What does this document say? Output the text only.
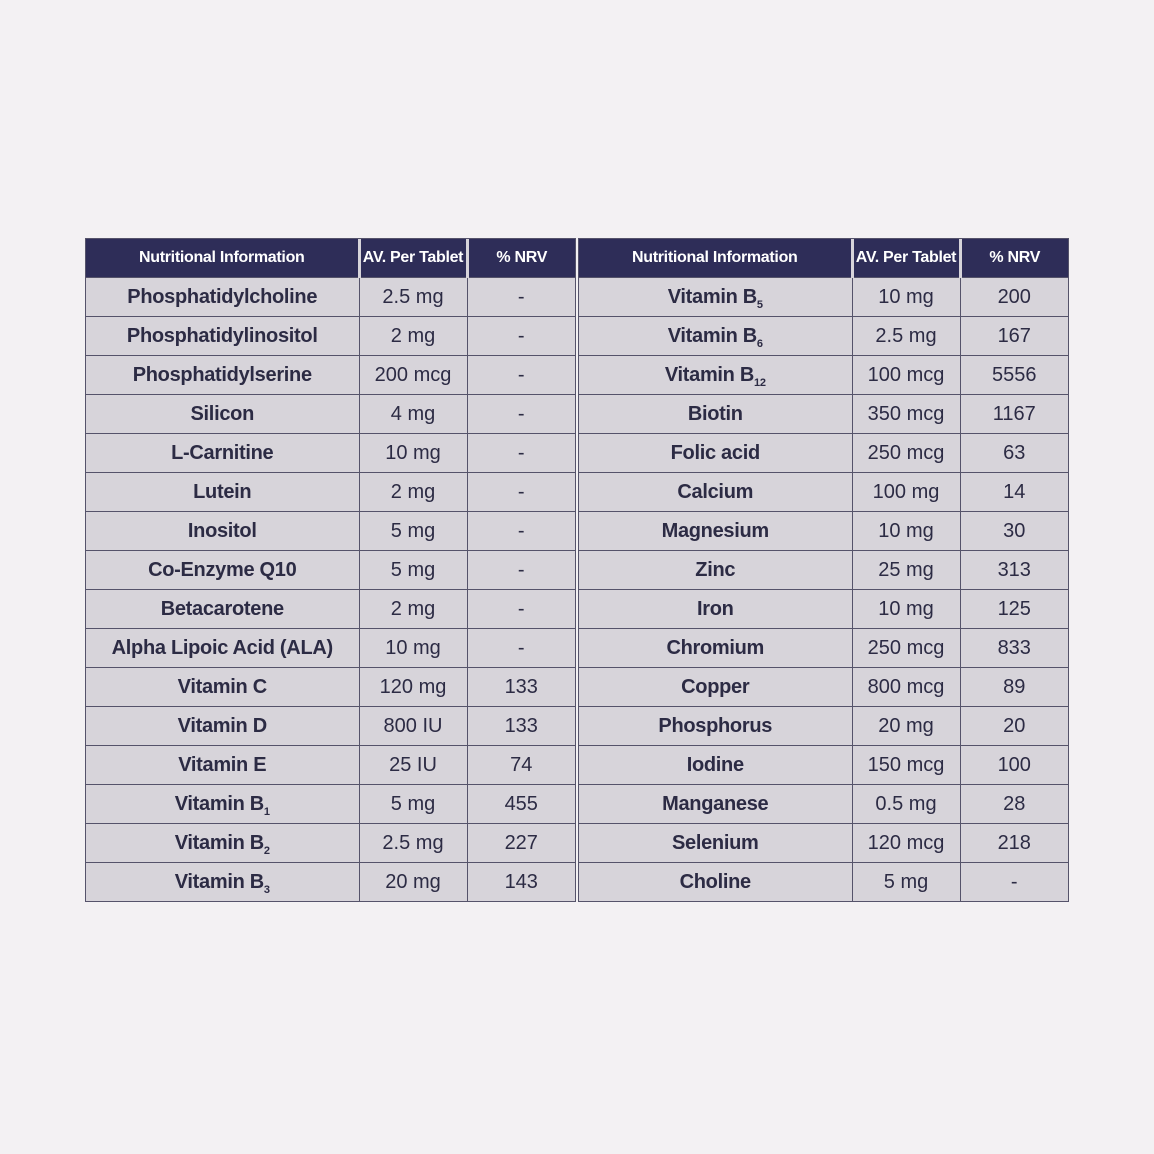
Nutritional Information	AV. Per Tablet	% NRV
Phosphatidylcholine	2.5 mg	-
Phosphatidylinositol	2 mg	-
Phosphatidylserine	200 mcg	-
Silicon	4 mg	-
L-Carnitine	10 mg	-
Lutein	2 mg	-
Inositol	5 mg	-
Co-Enzyme Q10	5 mg	-
Betacarotene	2 mg	-
Alpha Lipoic Acid (ALA)	10 mg	-
Vitamin C	120 mg	133
Vitamin D	800 IU	133
Vitamin E	25 IU	74
Vitamin $B_1$	5 mg	455
Vitamin $B_2$	2.5 mg	227
Vitamin $B_3$	20 mg	143
Nutritional Information	AV. Per Tablet	% NRV
Vitamin $B_5$	10 mg	200
Vitamin $B_6$	2.5 mg	167
Vitamin $B_{12}$	100 mcg	5556
Biotin	350 mcg	1167
Folic acid	250 mcg	63
Calcium	100 mg	14
Magnesium	10 mg	30
Zinc	25 mg	313
Iron	10 mg	125
Chromium	250 mcg	833
Copper	800 mcg	89
Phosphorus	20 mg	20
Iodine	150 mcg	100
Manganese	0.5 mg	28
Selenium	120 mcg	218
Choline	5 mg	-
